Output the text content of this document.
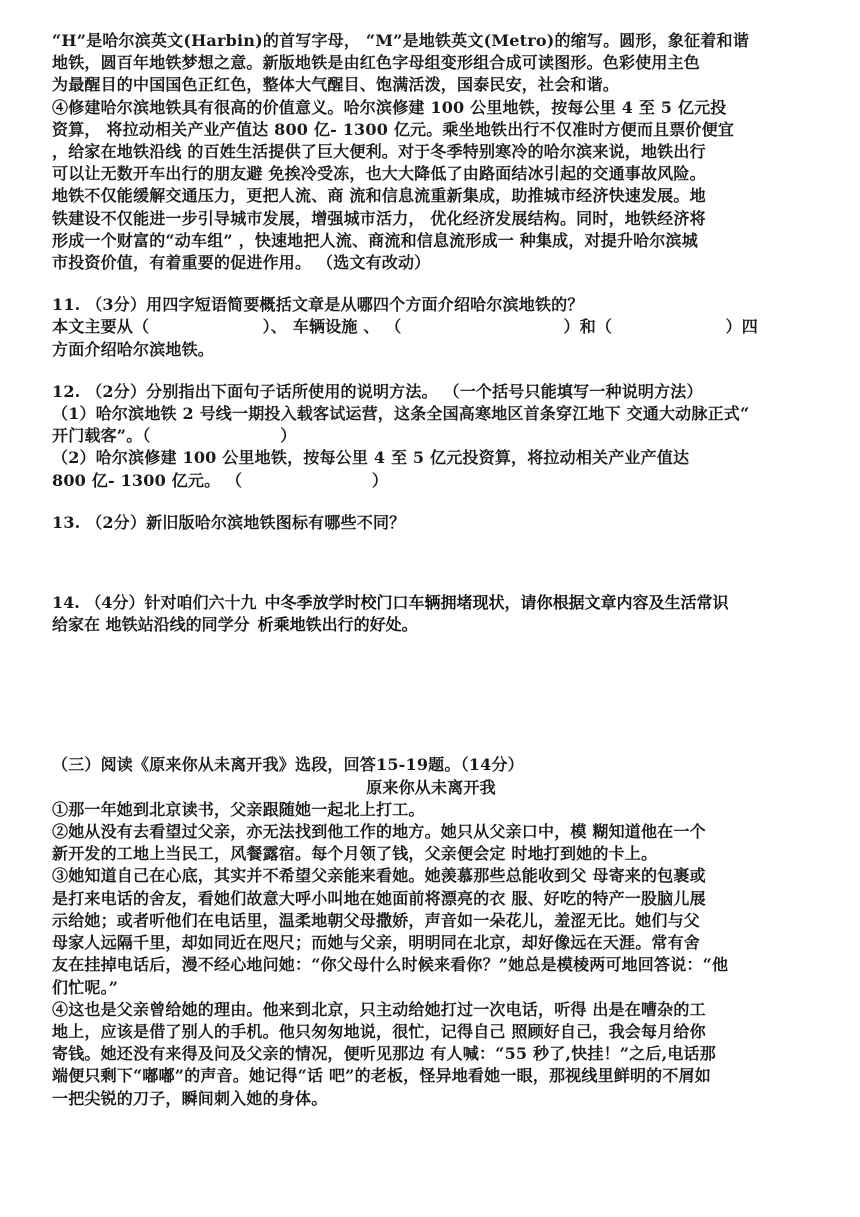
“H”是哈尔滨英文(Harbin)的首写字母， “M”是地铁英文(Metro)的缩写。圆形，象征着和谐
地铁，圆百年地铁梦想之意。新版地铁是由红色字母组变形组合成可读图形。色彩使用主色
为最醒目的中国国色正红色，整体大气醒目、饱满活泼，国泰民安，社会和谐。
④修建哈尔滨地铁具有很高的价值意义。哈尔滨修建 100 公里地铁，按每公里 4 至 5 亿元投
资算， 将拉动相关产业产值达 800 亿- 1300 亿元。乘坐地铁出行不仅准时方便而且票价便宜
，给家在地铁沿线 的百姓生活提供了巨大便利。对于冬季特别寒冷的哈尔滨来说，地铁出行
可以让无数开车出行的朋友避 免挨冷受冻，也大大降低了由路面结冰引起的交通事故风险。
地铁不仅能缓解交通压力，更把人流、商 流和信息流重新集成，助推城市经济快速发展。地
铁建设不仅能进一步引导城市发展，增强城市活力， 优化经济发展结构。同时，地铁经济将
形成一个财富的“动车组” ，快速地把人流、商流和信息流形成一 种集成，对提升哈尔滨城
市投资价值，有着重要的促进作用。 （选文有改动）
11. （3分）用四字短语简要概括文章是从哪四个方面介绍哈尔滨地铁的？
本文主要从（　　　　　　　）、 车辆设施 、 （　　　　　　　　　　）和（　　　　　　　）四
方面介绍哈尔滨地铁。
12. （2分）分别指出下面句子话所使用的说明方法。 （一个括号只能填写一种说明方法）
（1）哈尔滨地铁 2 号线一期投入载客试运营，这条全国高寒地区首条穿江地下 交通大动脉正式“
开门载客”。（　　　　　　　　）
（2）哈尔滨修建 100 公里地铁，按每公里 4 至 5 亿元投资算，将拉动相关产业产值达
800 亿- 1300 亿元。 （　　　　　　　　）
13. （2分）新旧版哈尔滨地铁图标有哪些不同？
14. （4分）针对咱们六十九 中冬季放学时校门口车辆拥堵现状，请你根据文章内容及生活常识
给家在 地铁站沿线的同学分 析乘地铁出行的好处。
（三）阅读《原来你从未离开我》选段，回答15-19题。（14分）
原来你从未离开我
①那一年她到北京读书，父亲跟随她一起北上打工。
②她从没有去看望过父亲，亦无法找到他工作的地方。她只从父亲口中，模 糊知道他在一个
新开发的工地上当民工，风餐露宿。每个月领了钱，父亲便会定 时地打到她的卡上。
③她知道自己在心底，其实并不希望父亲能来看她。她羡慕那些总能收到父 母寄来的包裹或
是打来电话的舍友，看她们故意大呼小叫地在她面前将漂亮的衣 服、好吃的特产一股脑儿展
示给她；或者听他们在电话里，温柔地朝父母撒娇，声音如一朵花儿，羞涩无比。她们与父
母家人远隔千里，却如同近在咫尺；而她与父亲，明明同在北京，却好像远在天涯。常有舍
友在挂掉电话后，漫不经心地问她：“你父母什么时候来看你？”她总是模棱两可地回答说：“他
们忙呢。”
④这也是父亲曾给她的理由。他来到北京，只主动给她打过一次电话，听得 出是在嘈杂的工
地上，应该是借了别人的手机。他只匆匆地说，很忙，记得自己 照顾好自己，我会每月给你
寄钱。她还没有来得及问及父亲的情况，便听见那边 有人喊：“55 秒了,快挂！”之后,电话那
端便只剩下“嘟嘟”的声音。她记得“话 吧”的老板，怪异地看她一眼，那视线里鲜明的不屑如
一把尖锐的刀子，瞬间刺入她的身体。
